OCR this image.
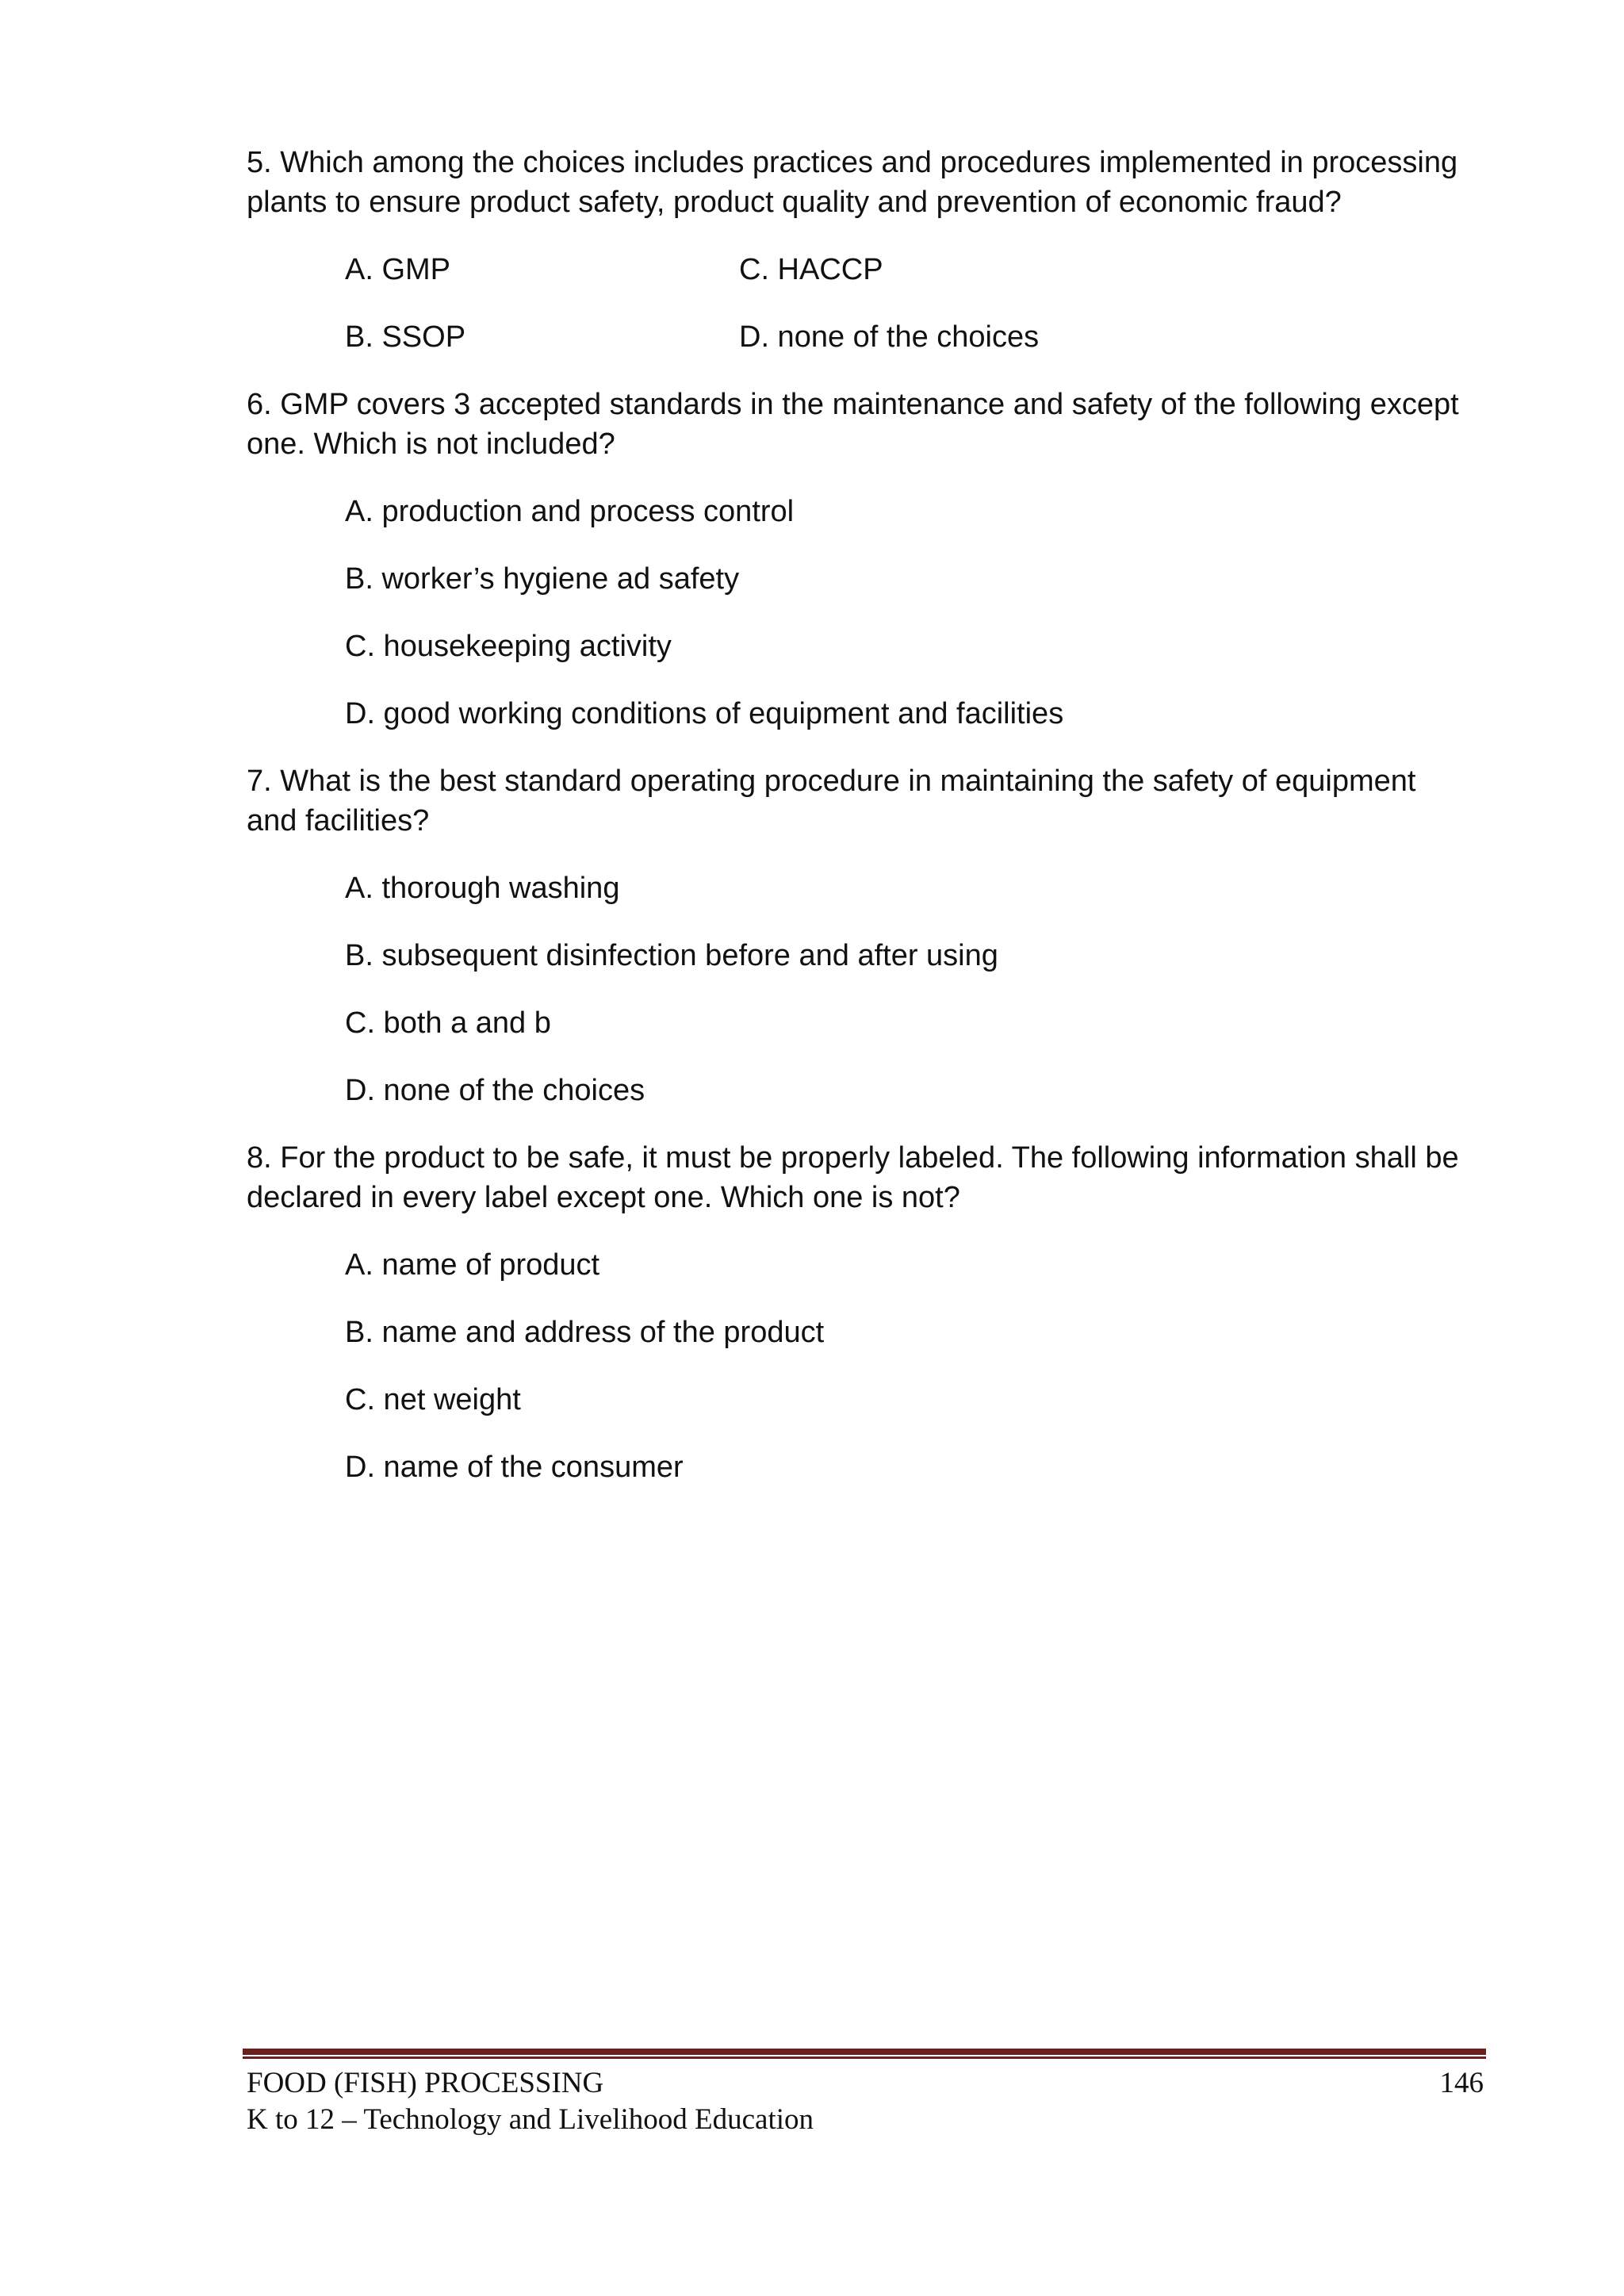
5. Which among the choices includes practices and procedures implemented in processing
plants to ensure product safety, product quality and prevention of economic fraud?

A. GMP	C. HACCP
B. SSOP	D. none of the choices

6. GMP covers 3 accepted standards in the maintenance and safety of the following except
one. Which is not included?

A. production and process control
B. worker’s hygiene ad safety
C. housekeeping activity
D. good working conditions of equipment and facilities

7. What is the best standard operating procedure in maintaining the safety of equipment
and facilities?

A. thorough washing
B. subsequent disinfection before and after using
C. both a and b
D. none of the choices

8. For the product to be safe, it must be properly labeled. The following information shall be
declared in every label except one. Which one is not?

A. name of product
B. name and address of the product
C. net weight
D. name of the consumer
FOOD (FISH) PROCESSING	146
K to 12 – Technology and Livelihood Education
